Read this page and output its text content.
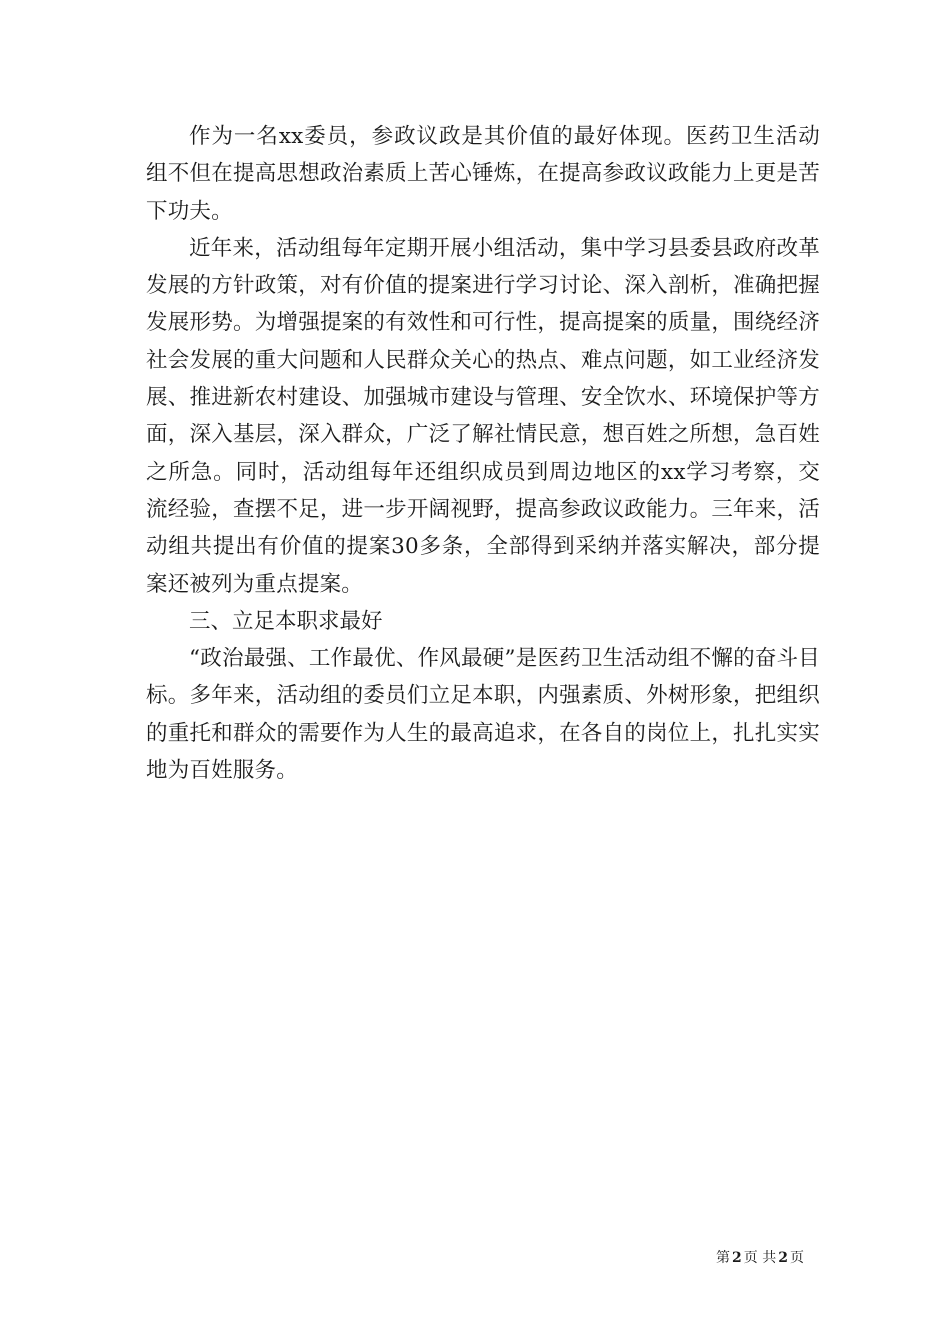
作为一名xx委员，参政议政是其价值的最好体现。医药卫生活动组不但在提高思想政治素质上苦心锤炼，在提高参政议政能力上更是苦下功夫。

近年来，活动组每年定期开展小组活动，集中学习县委县政府改革发展的方针政策，对有价值的提案进行学习讨论、深入剖析，准确把握发展形势。为增强提案的有效性和可行性，提高提案的质量，围绕经济社会发展的重大问题和人民群众关心的热点、难点问题，如工业经济发展、推进新农村建设、加强城市建设与管理、安全饮水、环境保护等方面，深入基层，深入群众，广泛了解社情民意，想百姓之所想，急百姓之所急。同时，活动组每年还组织成员到周边地区的xx学习考察，交流经验，查摆不足，进一步开阔视野，提高参政议政能力。三年来，活动组共提出有价值的提案30多条，全部得到采纳并落实解决，部分提案还被列为重点提案。

三、立足本职求最好

“政治最强、工作最优、作风最硬”是医药卫生活动组不懈的奋斗目标。多年来，活动组的委员们立足本职，内强素质、外树形象，把组织的重托和群众的需要作为人生的最高追求，在各自的岗位上，扎扎实实地为百姓服务。

第 2 页 共 2 页
